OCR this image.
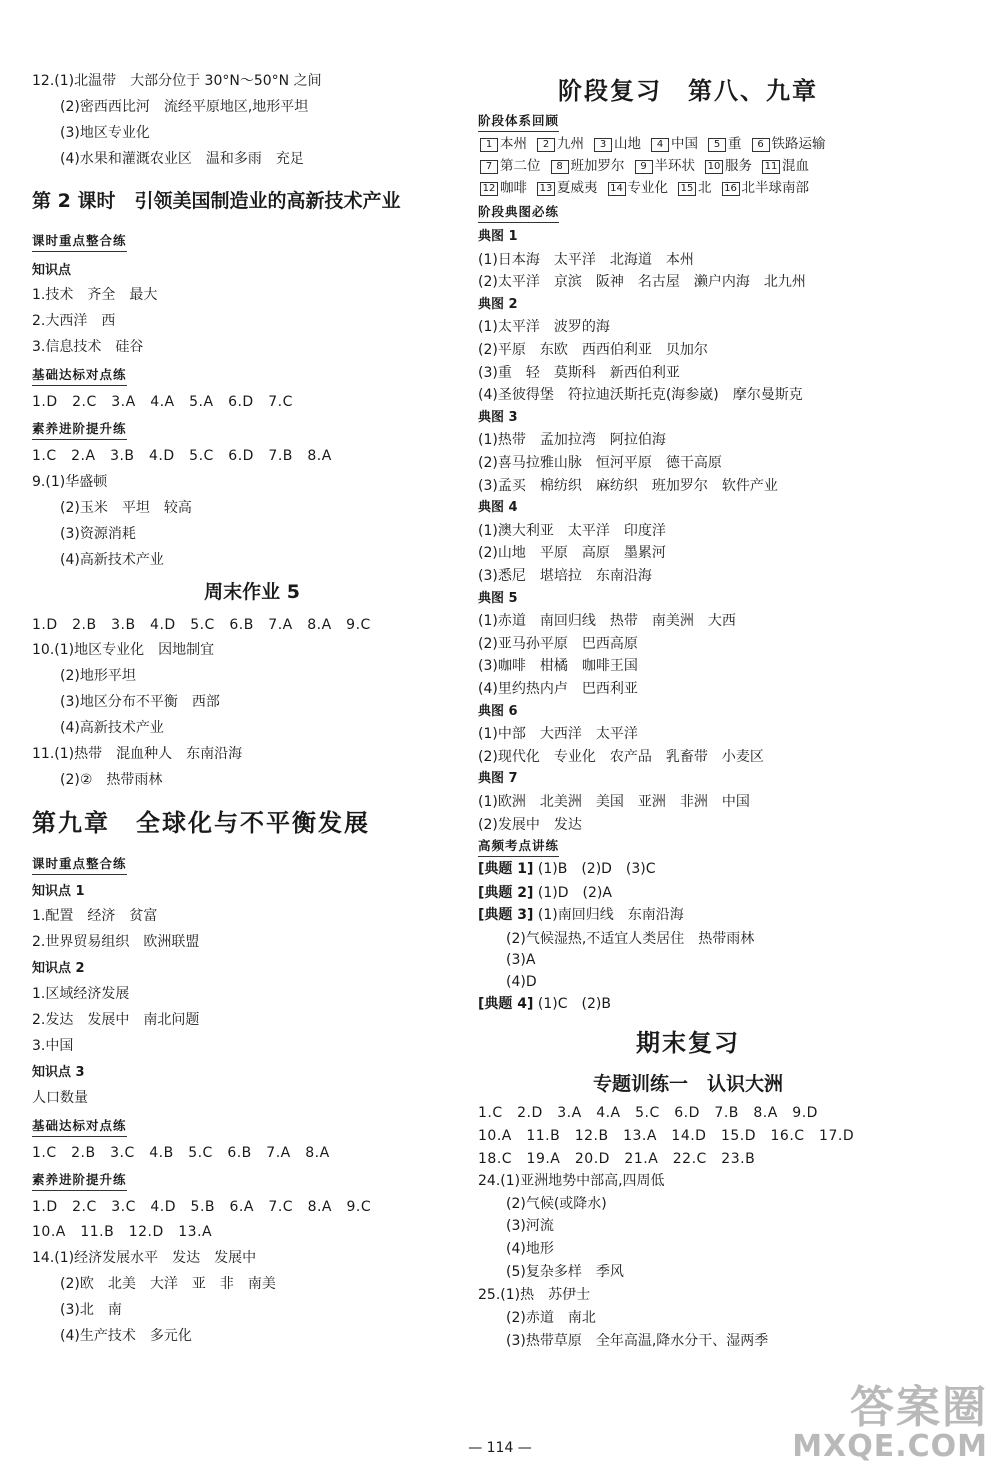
12.(1)北温带　大部分位于 30°N～50°N 之间
(2)密西西比河　流经平原地区,地形平坦
(3)地区专业化
(4)水果和灌溉农业区　温和多雨　充足
第 2 课时　引领美国制造业的高新技术产业
课时重点整合练
知识点
1.技术　齐全　最大
2.大西洋　西
3.信息技术　硅谷
基础达标对点练
1.D　2.C　3.A　4.A　5.A　6.D　7.C
素养进阶提升练
1.C　2.A　3.B　4.D　5.C　6.D　7.B　8.A
9.(1)华盛顿
(2)玉米　平坦　较高
(3)资源消耗
(4)高新技术产业
周末作业 5
1.D　2.B　3.B　4.D　5.C　6.B　7.A　8.A　9.C
10.(1)地区专业化　因地制宜
(2)地形平坦
(3)地区分布不平衡　西部
(4)高新技术产业
11.(1)热带　混血种人　东南沿海
(2)②　热带雨林
第九章　全球化与不平衡发展
课时重点整合练
知识点 1
1.配置　经济　贫富
2.世界贸易组织　欧洲联盟
知识点 2
1.区域经济发展
2.发达　发展中　南北问题
3.中国
知识点 3
人口数量
基础达标对点练
1.C　2.B　3.C　4.B　5.C　6.B　7.A　8.A
素养进阶提升练
1.D　2.C　3.C　4.D　5.B　6.A　7.C　8.A　9.C
10.A　11.B　12.D　13.A
14.(1)经济发展水平　发达　发展中
(2)欧　北美　大洋　亚　非　南美
(3)北　南
(4)生产技术　多元化
阶段复习　第八、九章
阶段体系回顾
1 本州 2 九州 3 山地 4 中国 5 重 6 铁路运输
7 第二位 8 班加罗尔 9 半环状 10 服务 11 混血
12 咖啡 13 夏威夷 14 专业化 15 北 16 北半球南部
阶段典图必练
典图 1
(1)日本海　太平洋　北海道　本州
(2)太平洋　京滨　阪神　名古屋　濑户内海　北九州
典图 2
(1)太平洋　波罗的海
(2)平原　东欧　西西伯利亚　贝加尔
(3)重　轻　莫斯科　新西伯利亚
(4)圣彼得堡　符拉迪沃斯托克(海参崴)　摩尔曼斯克
典图 3
(1)热带　孟加拉湾　阿拉伯海
(2)喜马拉雅山脉　恒河平原　德干高原
(3)孟买　棉纺织　麻纺织　班加罗尔　软件产业
典图 4
(1)澳大利亚　太平洋　印度洋
(2)山地　平原　高原　墨累河
(3)悉尼　堪培拉　东南沿海
典图 5
(1)赤道　南回归线　热带　南美洲　大西
(2)亚马孙平原　巴西高原
(3)咖啡　柑橘　咖啡王国
(4)里约热内卢　巴西利亚
典图 6
(1)中部　大西洋　太平洋
(2)现代化　专业化　农产品　乳畜带　小麦区
典图 7
(1)欧洲　北美洲　美国　亚洲　非洲　中国
(2)发展中　发达
高频考点讲练
[典题 1] (1)B　(2)D　(3)C
[典题 2] (1)D　(2)A
[典题 3] (1)南回归线　东南沿海
(2)气候湿热,不适宜人类居住　热带雨林
(3)A
(4)D
[典题 4] (1)C　(2)B
期末复习
专题训练一　认识大洲
1.C　2.D　3.A　4.A　5.C　6.D　7.B　8.A　9.D
10.A　11.B　12.B　13.A　14.D　15.D　16.C　17.D
18.C　19.A　20.D　21.A　22.C　23.B
24.(1)亚洲地势中部高,四周低
(2)气候(或降水)
(3)河流
(4)地形
(5)复杂多样　季风
25.(1)热　苏伊士
(2)赤道　南北
(3)热带草原　全年高温,降水分干、湿两季
— 114 —
答案圈
MXQE.COM
